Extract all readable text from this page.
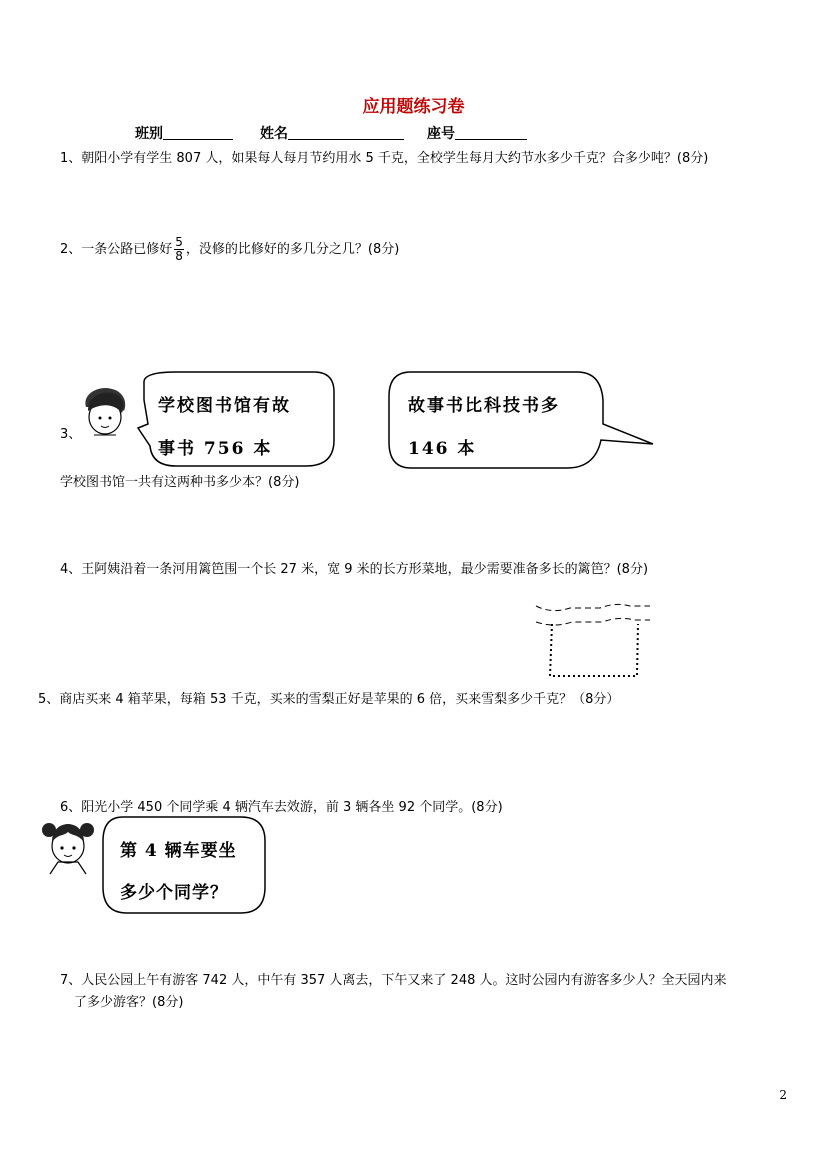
应用题练习卷
班别	姓名	座号
1、朝阳小学有学生 807 人，如果每人每月节约用水 5 千克，全校学生每月大约节水多少千克？合多少吨？(8分)
2、一条公路已修好 $\frac{5}{8}$ ，没修的比修好的多几分之几？(8分)
3、
学校图书馆有故
事书 756 本
故事书比科技书多
146 本
学校图书馆一共有这两种书多少本？(8分)
4、王阿姨沿着一条河用篱笆围一个长 27 米，宽 9 米的长方形菜地，最少需要准备多长的篱笆？(8分)
5、商店买来 4 箱苹果，每箱 53 千克，买来的雪梨正好是苹果的 6 倍，买来雪梨多少千克？（8分）
6、阳光小学 450 个同学乘 4 辆汽车去效游，前 3 辆各坐 92 个同学。(8分)
第 4 辆车要坐
多少个同学？
7、人民公园上午有游客 742 人，中午有 357 人离去，下午又来了 248 人。这时公园内有游客多少人？全天园内来
了多少游客？(8分)
2
